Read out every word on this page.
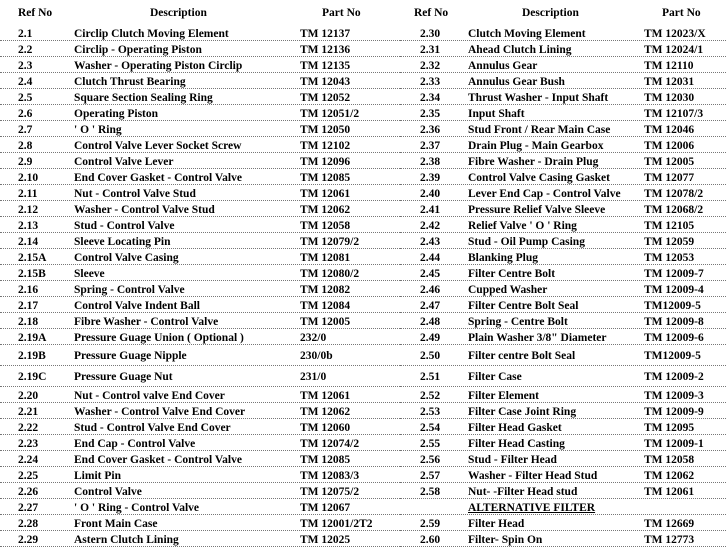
Ref No	Description	Part No
2.1	Circlip Clutch Moving Element	TM 12137
2.2	Circlip - Operating Piston	TM 12136
2.3	Washer - Operating Piston Circlip	TM 12135
2.4	Clutch Thrust Bearing	TM 12043
2.5	Square Section Sealing Ring	TM 12052
2.6	Operating Piston	TM 12051/2
2.7	' O ' Ring	TM 12050
2.8	Control Valve Lever Socket Screw	TM 12102
2.9	Control Valve Lever	TM 12096
2.10	End Cover Gasket - Control Valve	TM 12085
2.11	Nut - Control Valve Stud	TM 12061
2.12	Washer - Control Valve Stud	TM 12062
2.13	Stud - Control Valve	TM 12058
2.14	Sleeve Locating Pin	TM 12079/2
2.15A	Control Valve Casing	TM 12081
2.15B	Sleeve	TM 12080/2
2.16	Spring - Control Valve	TM 12082
2.17	Control Valve Indent Ball	TM 12084
2.18	Fibre Washer - Control Valve	TM 12005
2.19A	Pressure Guage Union ( Optional )	232/0
2.19B	Pressure Guage Nipple	230/0b
2.19C	Pressure Guage Nut	231/0
2.20	Nut - Control valve End Cover	TM 12061
2.21	Washer - Control Valve End Cover	TM 12062
2.22	Stud - Control Valve End Cover	TM 12060
2.23	End Cap - Control Valve	TM 12074/2
2.24	End Cover Gasket - Control Valve	TM 12085
2.25	Limit Pin	TM 12083/3
2.26	Control Valve	TM 12075/2
2.27	' O ' Ring - Control Valve	TM 12067
2.28	Front Main Case	TM 12001/2T2
2.29	Astern Clutch Lining	TM 12025
Ref No	Description	Part No
2.30	Clutch Moving Element	TM 12023/X
2.31	Ahead Clutch Lining	TM 12024/1
2.32	Annulus Gear	TM 12110
2.33	Annulus Gear Bush	TM 12031
2.34	Thrust Washer - Input Shaft	TM 12030
2.35	Input Shaft	TM 12107/3
2.36	Stud Front / Rear Main Case	TM 12046
2.37	Drain Plug - Main Gearbox	TM 12006
2.38	Fibre Washer - Drain Plug	TM 12005
2.39	Control Valve Casing Gasket	TM 12077
2.40	Lever End Cap - Control Valve	TM 12078/2
2.41	Pressure Relief Valve Sleeve	TM 12068/2
2.42	Relief Valve ' O ' Ring	TM 12105
2.43	Stud - Oil Pump Casing	TM 12059
2.44	Blanking Plug	TM 12053
2.45	Filter Centre Bolt	TM 12009-7
2.46	Cupped Washer	TM 12009-4
2.47	Filter Centre Bolt Seal	TM12009-5
2.48	Spring - Centre Bolt	TM 12009-8
2.49	Plain Washer 3/8" Diameter	TM 12009-6
2.50	Filter centre Bolt Seal	TM12009-5
2.51	Filter Case	TM 12009-2
2.52	Filter Element	TM 12009-3
2.53	Filter Case Joint Ring	TM 12009-9
2.54	Filter Head Gasket	TM 12095
2.55	Filter Head Casting	TM 12009-1
2.56	Stud - Filter Head	TM 12058
2.57	Washer - Filter Head Stud	TM 12062
2.58	Nut- -Filter Head stud	TM 12061
ALTERNATIVE FILTER
2.59	Filter Head	TM 12669
2.60	Filter- Spin On	TM 12773
